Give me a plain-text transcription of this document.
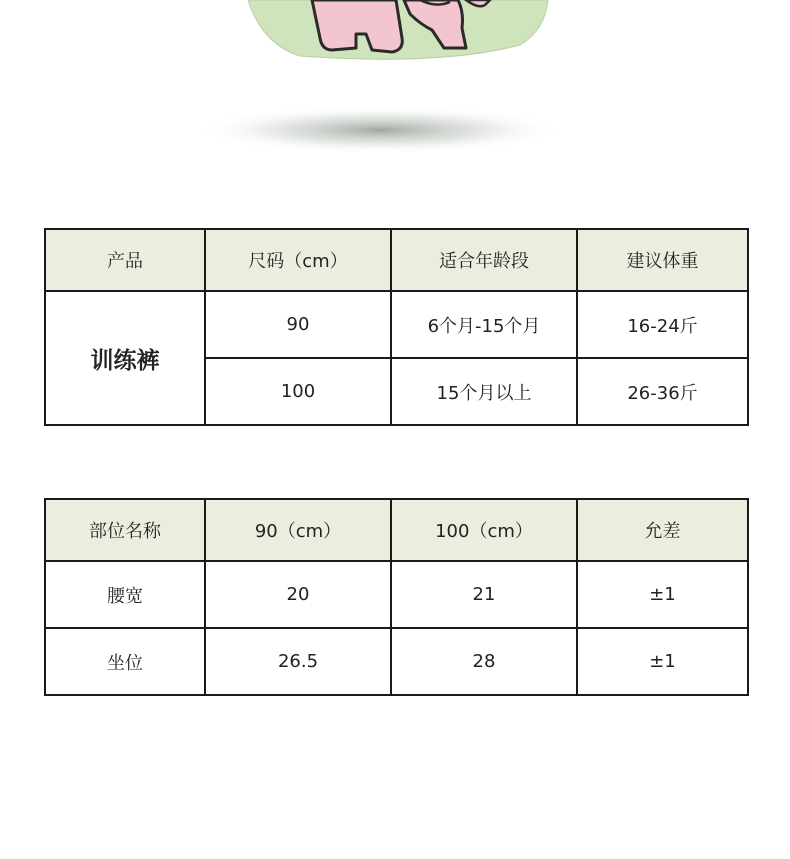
产品	尺码（cm）	适合年龄段	建议体重
训练裤	90	6个月-15个月	16-24斤
	100	15个月以上	26-36斤
部位名称	90（cm）	100（cm）	允差
腰宽	20	21	±1
坐位	26.5	28	±1
